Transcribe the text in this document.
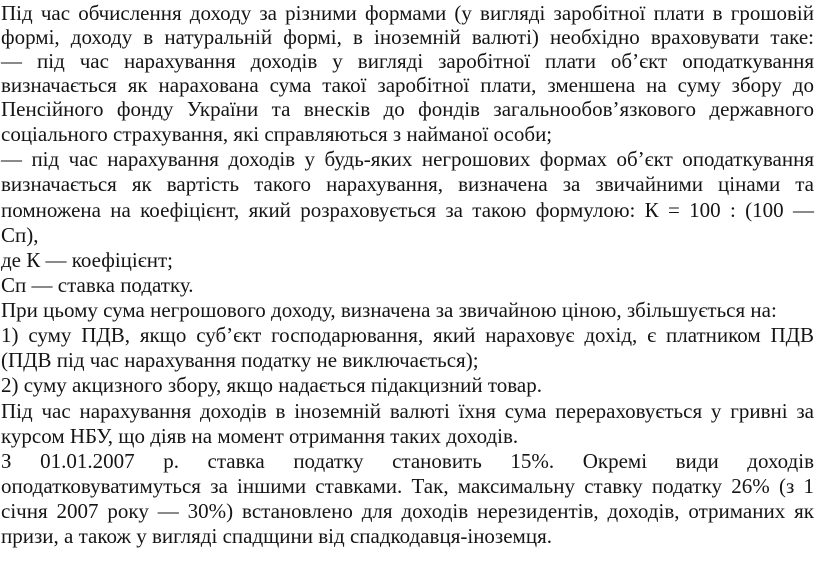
Під час обчислення доходу за різними формами (у вигляді заробітної плати в грошовій
формі, доходу в натуральній формі, в іноземній валюті) необхідно враховувати таке:
— під час нарахування доходів у вигляді заробітної плати об’єкт оподаткування
визначається як нарахована сума такої заробітної плати, зменшена на суму збору до
Пенсійного фонду України та внесків до фондів загальнообов’язкового державного
соціального страхування, які справляються з найманої особи;
— під час нарахування доходів у будь-яких негрошових формах об’єкт оподаткування
визначається як вартість такого нарахування, визначена за звичайними цінами та
помножена на коефіцієнт, який розраховується за такою формулою: К = 100 : (100 —
Сп),
де К — коефіцієнт;
Сп — ставка податку.
При цьому сума негрошового доходу, визначена за звичайною ціною, збільшується на:
1) суму ПДВ, якщо суб’єкт господарювання, який нараховує дохід, є платником ПДВ
(ПДВ під час нарахування податку не виключається);
2) суму акцизного збору, якщо надається підакцизний товар.
Під час нарахування доходів в іноземній валюті їхня сума перераховується у гривні за
курсом НБУ, що діяв на момент отримання таких доходів.
З 01.01.2007 р. ставка податку становить 15%. Окремі види доходів
оподатковуватимуться за іншими ставками. Так, максимальну ставку податку 26% (з 1
січня 2007 року — 30%) встановлено для доходів нерезидентів, доходів, отриманих як
призи, а також у вигляді спадщини від спадкодавця-іноземця.
